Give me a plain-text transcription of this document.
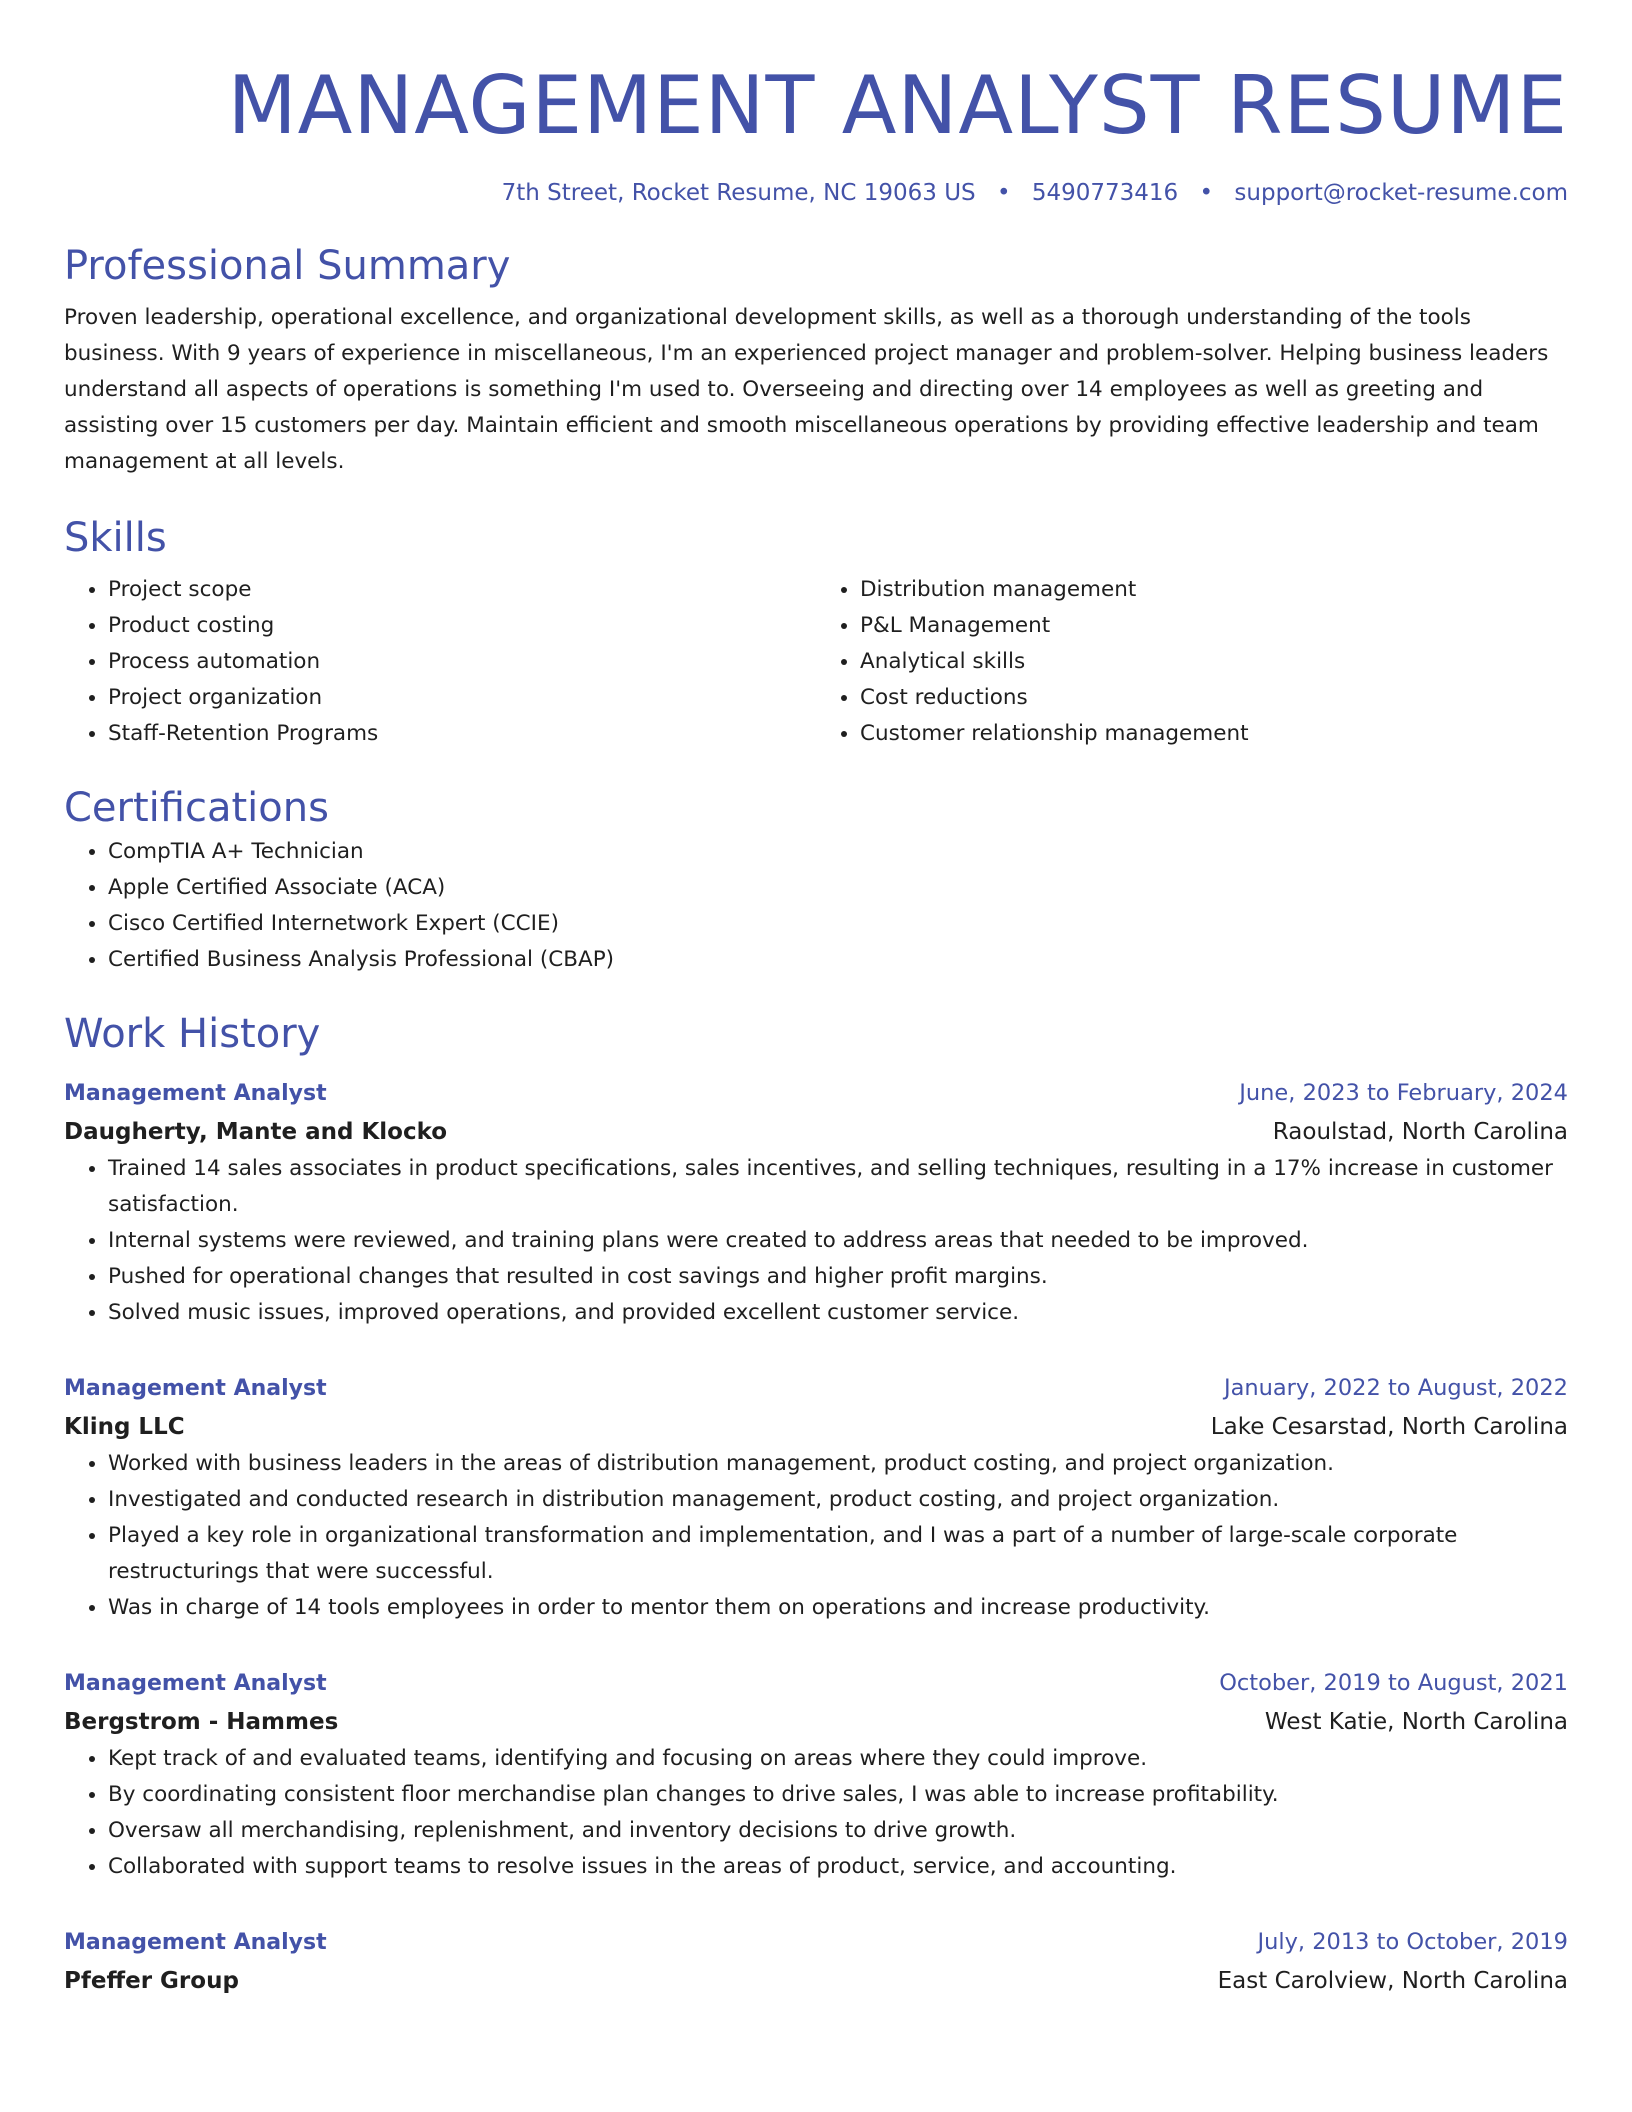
MANAGEMENT ANALYST RESUME
7th Street, Rocket Resume, NC 19063 US • 5490773416 • support@rocket-resume.com
Professional Summary

Proven leadership, operational excellence, and organizational development skills, as well as a thorough understanding of the tools business. With 9 years of experience in miscellaneous, I'm an experienced project manager and problem-solver. Helping business leaders understand all aspects of operations is something I'm used to. Overseeing and directing over 14 employees as well as greeting and assisting over 15 customers per day. Maintain efficient and smooth miscellaneous operations by providing effective leadership and team management at all levels.

Skills
• Project scope
• Product costing
• Process automation
• Project organization
• Staff-Retention Programs
• Distribution management
• P&L Management
• Analytical skills
• Cost reductions
• Customer relationship management
Certifications
• CompTIA A+ Technician
• Apple Certified Associate (ACA)
• Cisco Certified Internetwork Expert (CCIE)
• Certified Business Analysis Professional (CBAP)
Work History
Management Analyst	June, 2023 to February, 2024
Daugherty, Mante and Klocko	Raoulstad, North Carolina
• Trained 14 sales associates in product specifications, sales incentives, and selling techniques, resulting in a 17% increase in customer satisfaction.
• Internal systems were reviewed, and training plans were created to address areas that needed to be improved.
• Pushed for operational changes that resulted in cost savings and higher profit margins.
• Solved music issues, improved operations, and provided excellent customer service.
Management Analyst	January, 2022 to August, 2022
Kling LLC	Lake Cesarstad, North Carolina
• Worked with business leaders in the areas of distribution management, product costing, and project organization.
• Investigated and conducted research in distribution management, product costing, and project organization.
• Played a key role in organizational transformation and implementation, and I was a part of a number of large-scale corporate restructurings that were successful.
• Was in charge of 14 tools employees in order to mentor them on operations and increase productivity.
Management Analyst	October, 2019 to August, 2021
Bergstrom - Hammes	West Katie, North Carolina
• Kept track of and evaluated teams, identifying and focusing on areas where they could improve.
• By coordinating consistent floor merchandise plan changes to drive sales, I was able to increase profitability.
• Oversaw all merchandising, replenishment, and inventory decisions to drive growth.
• Collaborated with support teams to resolve issues in the areas of product, service, and accounting.
Management Analyst	July, 2013 to October, 2019
Pfeffer Group	East Carolview, North Carolina
